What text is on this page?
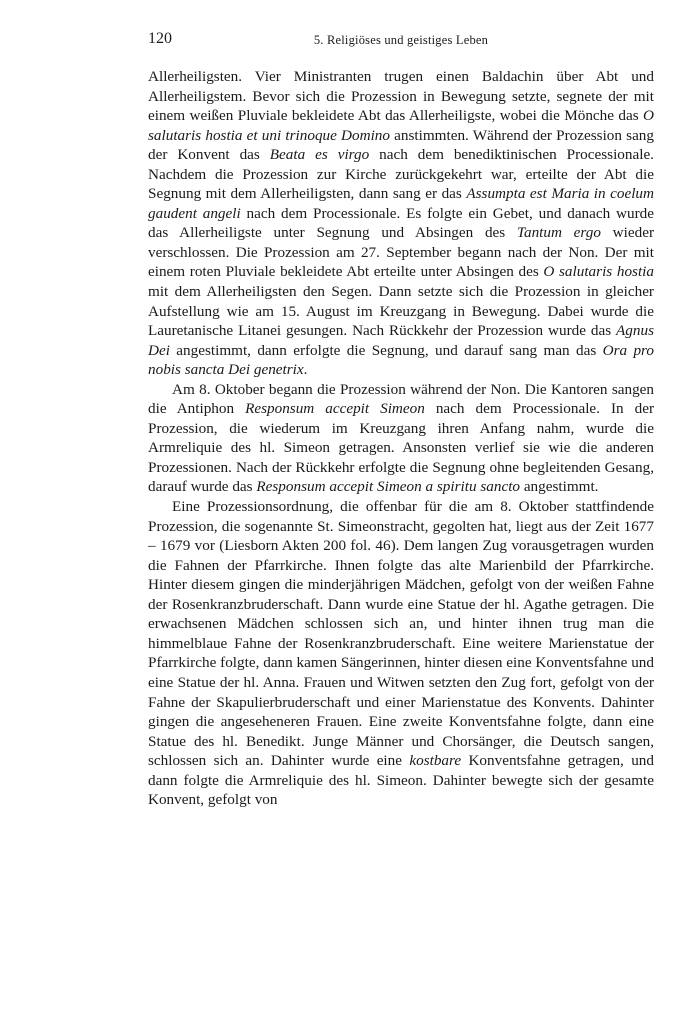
120	5. Religiöses und geistiges Leben

Allerheiligsten. Vier Ministranten trugen einen Baldachin über Abt und Allerheiligstem. Bevor sich die Prozession in Bewegung setzte, segnete der mit einem weißen Pluviale bekleidete Abt das Allerheiligste, wobei die Mönche das O salutaris hostia et uni trinoque Domino anstimmten. Während der Prozession sang der Konvent das Beata es virgo nach dem benediktinischen Processionale. Nachdem die Prozession zur Kirche zurückgekehrt war, erteilte der Abt die Segnung mit dem Allerheiligsten, dann sang er das Assumpta est Maria in coelum gaudent angeli nach dem Processionale. Es folgte ein Gebet, und danach wurde das Allerheiligste unter Segnung und Absingen des Tantum ergo wieder verschlossen. Die Prozession am 27. September begann nach der Non. Der mit einem roten Pluviale bekleidete Abt erteilte unter Absingen des O salutaris hostia mit dem Allerheiligsten den Segen. Dann setzte sich die Prozession in gleicher Aufstellung wie am 15. August im Kreuzgang in Bewegung. Dabei wurde die Lauretanische Litanei gesungen. Nach Rückkehr der Prozession wurde das Agnus Dei angestimmt, dann erfolgte die Segnung, und darauf sang man das Ora pro nobis sancta Dei genetrix.

Am 8. Oktober begann die Prozession während der Non. Die Kantoren sangen die Antiphon Responsum accepit Simeon nach dem Processionale. In der Prozession, die wiederum im Kreuzgang ihren Anfang nahm, wurde die Armreliquie des hl. Simeon getragen. Ansonsten verlief sie wie die anderen Prozessionen. Nach der Rückkehr erfolgte die Segnung ohne begleitenden Gesang, darauf wurde das Responsum accepit Simeon a spiritu sancto angestimmt.

Eine Prozessionsordnung, die offenbar für die am 8. Oktober stattfindende Prozession, die sogenannte St. Simeonstracht, gegolten hat, liegt aus der Zeit 1677 – 1679 vor (Liesborn Akten 200 fol. 46). Dem langen Zug vorausgetragen wurden die Fahnen der Pfarrkirche. Ihnen folgte das alte Marienbild der Pfarrkirche. Hinter diesem gingen die minderjährigen Mädchen, gefolgt von der weißen Fahne der Rosenkranzbruderschaft. Dann wurde eine Statue der hl. Agathe getragen. Die erwachsenen Mädchen schlossen sich an, und hinter ihnen trug man die himmelblaue Fahne der Rosenkranzbruderschaft. Eine weitere Marienstatue der Pfarrkirche folgte, dann kamen Sängerinnen, hinter diesen eine Konventsfahne und eine Statue der hl. Anna. Frauen und Witwen setzten den Zug fort, gefolgt von der Fahne der Skapulierbruderschaft und einer Marienstatue des Konvents. Dahinter gingen die angeseheneren Frauen. Eine zweite Konventsfahne folgte, dann eine Statue des hl. Benedikt. Junge Männer und Chorsänger, die Deutsch sangen, schlossen sich an. Dahinter wurde eine kostbare Konventsfahne getragen, und dann folgte die Armreliquie des hl. Simeon. Dahinter bewegte sich der gesamte Konvent, gefolgt von
